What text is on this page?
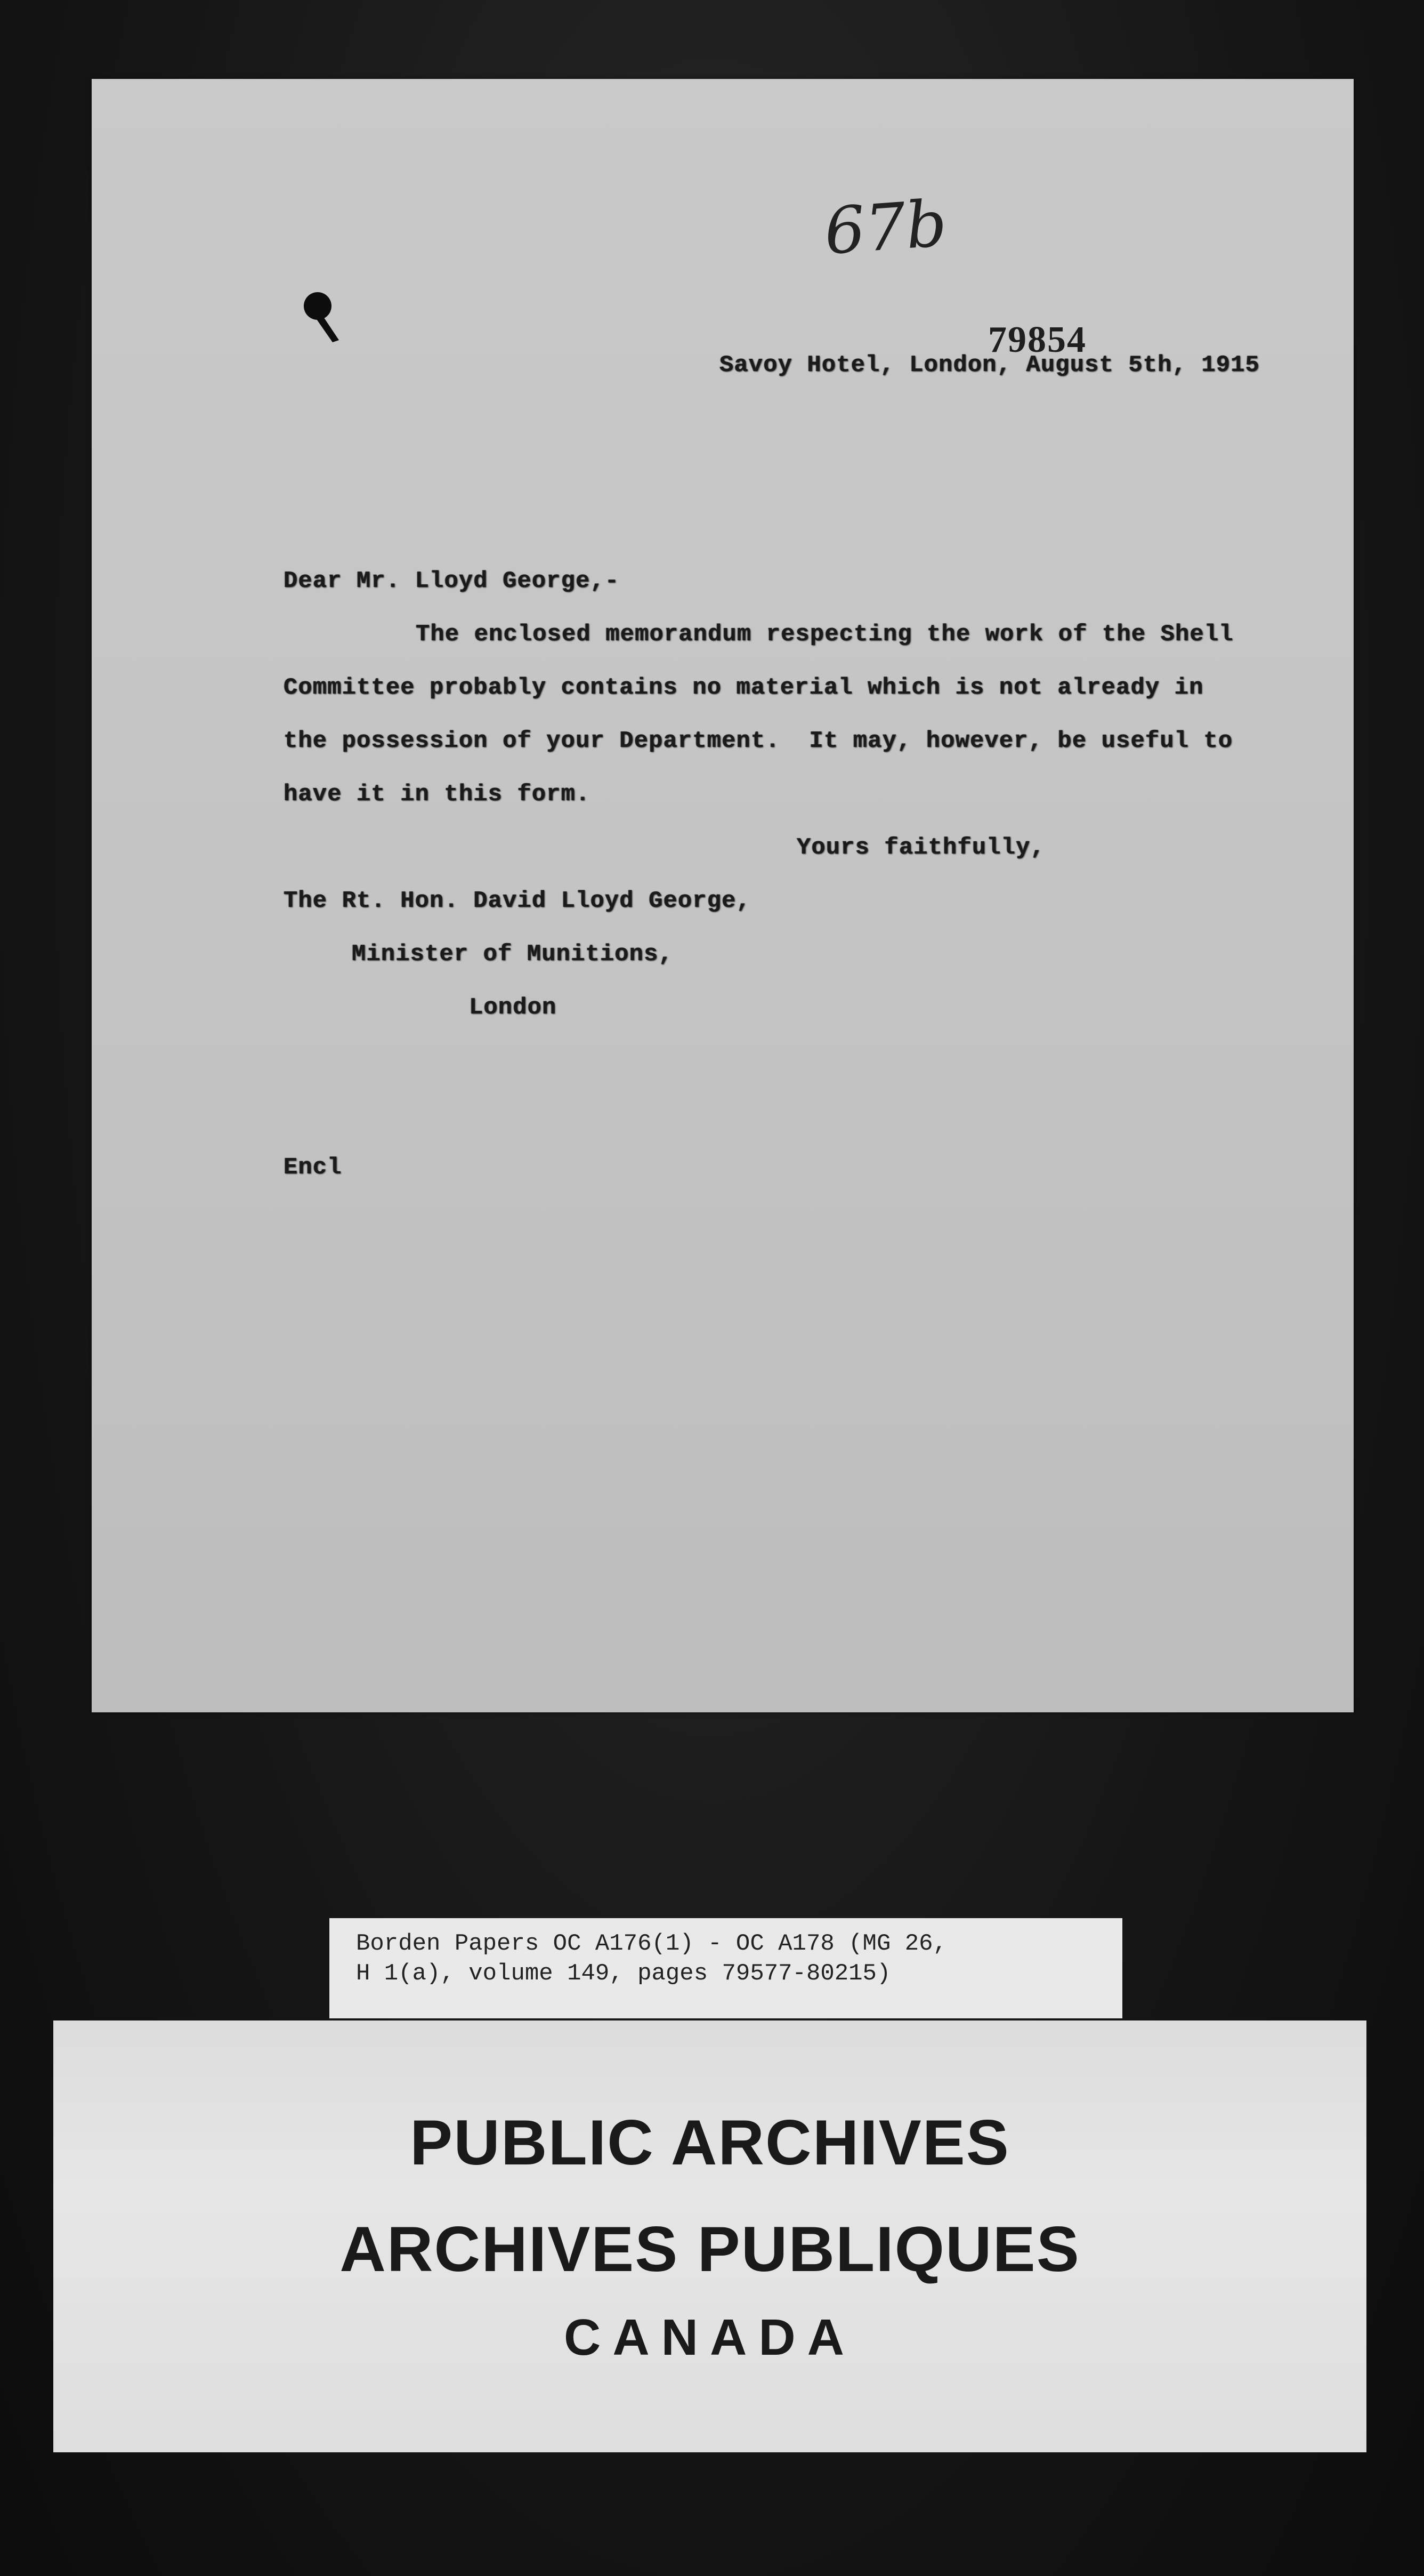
67b
79854
Savoy Hotel, London, August 5th, 1915
Dear Mr. Lloyd George,-
The enclosed memorandum respecting the work of the Shell
Committee probably contains no material which is not already in
the possession of your Department.  It may, however, be useful to
have it in this form.
Yours faithfully,
The Rt. Hon. David Lloyd George,
Minister of Munitions,
London
Encl
PUBLIC ARCHIVES
ARCHIVES PUBLIQUES
CANADA
Borden Papers OC A176(1) - OC A178 (MG 26,
H 1(a), volume 149, pages 79577-80215)
